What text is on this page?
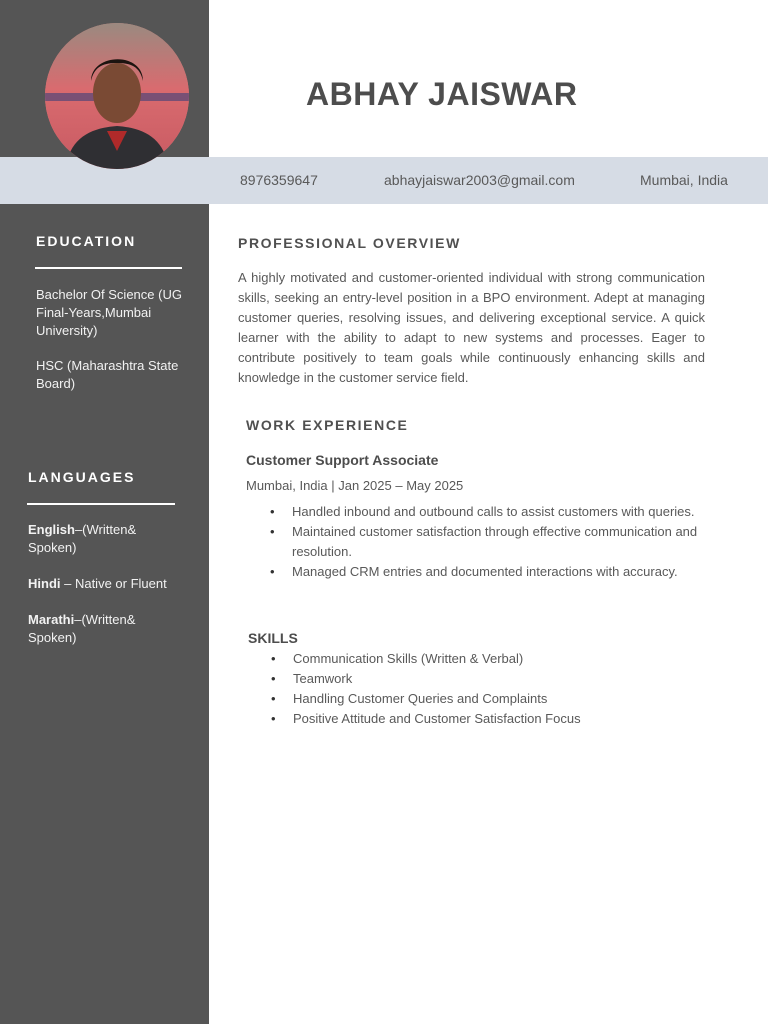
8976359647	abhayjaiswar2003@gmail.com	Mumbai, India
ABHAY JAISWAR
EDUCATION
Bachelor Of Science (UG Final-Years,Mumbai University)
HSC (Maharashtra State Board)
LANGUAGES
English–(Written& Spoken)
Hindi – Native or Fluent
Marathi–(Written& Spoken)
PROFESSIONAL OVERVIEW
A highly motivated and customer-oriented individual with strong communication skills, seeking an entry-level position in a BPO environment. Adept at managing customer queries, resolving issues, and delivering exceptional service. A quick learner with the ability to adapt to new systems and processes. Eager to contribute positively to team goals while continuously enhancing skills and knowledge in the customer service field.
WORK EXPERIENCE
Customer Support Associate
Mumbai, India | Jan 2025 – May 2025
• Handled inbound and outbound calls to assist customers with queries.
• Maintained customer satisfaction through effective communication and resolution.
• Managed CRM entries and documented interactions with accuracy.
SKILLS
• Communication Skills (Written & Verbal)
• Teamwork
• Handling Customer Queries and Complaints
• Positive Attitude and Customer Satisfaction Focus
